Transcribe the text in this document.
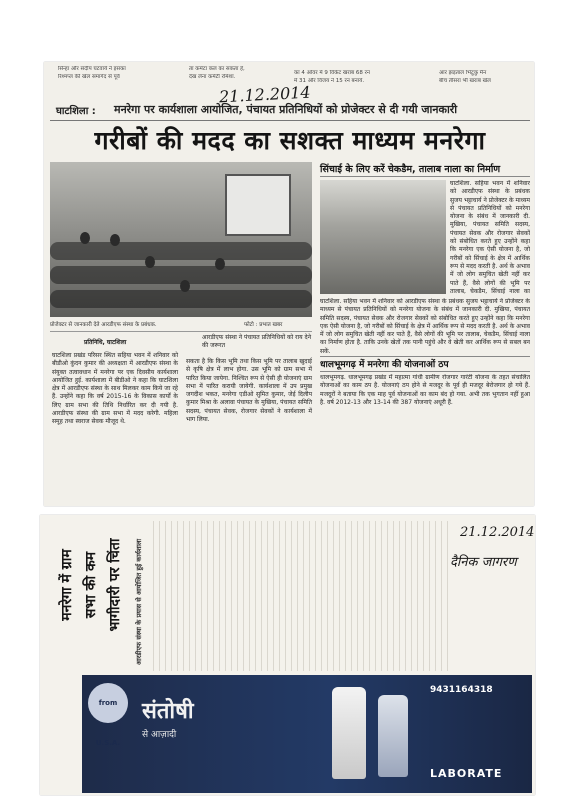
सिन्हा और संदीप घटवार्य ने इसका
रिश्मप्ल की खेल समागेंद से पूर्व
ता कमेटा कल का सकता हे,
देख लेना कमेटी रोमेशा.
का 4 ओवर में 9 विकेट खराब 68 रन
में 31 और विजय ने 15 रन बनाये.
आर झड़ताल भिटुकु मैन
बीच तीसरा भी खराब खेल
21.12.2014
घाटशिला : मनरेगा पर कार्यशाला आयोजित, पंचायत प्रतिनिधियों को प्रोजेक्टर से दी गयी जानकारी
गरीबों की मदद का सशक्त माध्यम मनरेगा
प्रोजेक्टर से जानकारी देते आरडीएफ संस्था के प्रबंधक.	फोटो : प्रभात खबर
प्रतिनिधि, घाटशिला
आरडीएफ संस्था ने पंचायत प्रतिनिधियों को राय देने की जरूरत
घाटशिला प्रखंड परिसर स्थित सहिया भवन में शनिवार को बीडीओ कुंदन कुमार की अध्यक्षता में आरडीएफ संस्था के संयुक्त तत्वावधान में मनरेगा पर एक दिवसीय कार्यशाला आयोजित हुई. कार्यशाला में बीडीओ ने कहा कि घाटशिला क्षेत्र में आरडीएफ संस्था के साथ मिलकर काम किये जा रहे हैं. उन्होंने कहा कि वर्ष 2015-16 के विकास कार्यों के लिए ग्राम सभा की तिथि निर्धारित कर दी गयी है. आरडीएफ संस्था की ग्राम सभा में मदद करेगी. महिला समूह तथा स्वराज सेवक मौजूद थे.
सकता है कि किस भूमि तथा किस भूमि पर तालाब खुदाई से कृषि क्षेत्र में लाभ होगा. उस भूमि को ग्राम सभा में पारित किया जायेगा. निश्चित रूप से ऐसी ही योजनाएं ग्राम सभा में पारित करायी जायेगी. कार्यशाला में उप प्रमुख जगदीश भकत, मनरेगा एडीओ सुमित कुमार, जेई दिलीप कुमार मिश्रा के अलावा पंचायत के मुखिया, पंचायत समिति सदस्य, पंचायत सेवक, रोजगार सेवकों ने कार्यशाला में भाग लिया.
सिंचाई के लिए करें चेकडैम, तालाब नाला का निर्माण
घाटशिला. सहिया भवन में शनिवार को आरडीएफ संस्था के प्रबंधक सुजय भट्टाचार्य ने प्रोजेक्टर के माध्यम से पंचायत प्रतिनिधियों को मनरेगा योजना के संबंध में जानकारी दी. मुखिया, पंचायत समिति सदस्य, पंचायत सेवक और रोजगार सेवकों को संबोधित करते हुए उन्होंने कहा कि मनरेगा एक ऐसी योजना है, जो गरीबों को सिंचाई के क्षेत्र में आर्थिक रूप से मदद करती है. अर्थ के अभाव में जो लोग समुचित खेती नहीं कर पाते हैं, वैसे लोगों की भूमि पर तालाब, चेकडैम, सिंचाई नाला का
घाटशिला. सहिया भवन में शनिवार को आरडीएफ संस्था के प्रबंधक सुजय भट्टाचार्य ने प्रोजेक्टर के माध्यम से पंचायत प्रतिनिधियों को मनरेगा योजना के संबंध में जानकारी दी. मुखिया, पंचायत समिति सदस्य, पंचायत सेवक और रोजगार सेवकों को संबोधित करते हुए उन्होंने कहा कि मनरेगा एक ऐसी योजना है, जो गरीबों को सिंचाई के क्षेत्र में आर्थिक रूप से मदद करती है. अर्थ के अभाव में जो लोग समुचित खेती नहीं कर पाते हैं, वैसे लोगों की भूमि पर तालाब, चेकडैम, सिंचाई नाला का निर्माण होता है. ताकि उनके खेतों तक पानी पहुंचे और वे खेती कर आर्थिक रूप से सबल बन सकें.
धालभूमगढ़ में मनरेगा की योजनाओं ठप
धालभूमगढ़. धालभूमगढ़ प्रखंड में महात्मा गांधी ग्रामीण रोजगार गारंटी योजना के तहत संचालित योजनाओं का काम ठप है. योजनाएं ठप होने से मजदूर के पूर्व ही मजदूर बेरोजगार हो गये हैं. मजदूरों ने बताया कि एक माह पूर्व योजनाओं का काम बंद हो गया. अभी तक भुगतान नहीं हुआ है. वर्ष 2012-13 और 13-14 की 387 योजनाएं अधूरी हैं.
मनरेगा में ग्राम सभा की कम भागीदारी पर चिंता	आरडीएफ संस्था के प्रयास से आयोजित हुई कार्यशाला
21.12.2014
दैनिक जागरण
from U.S.A.
संतोषी
से आज़ादी
9431164318
LABORATE
